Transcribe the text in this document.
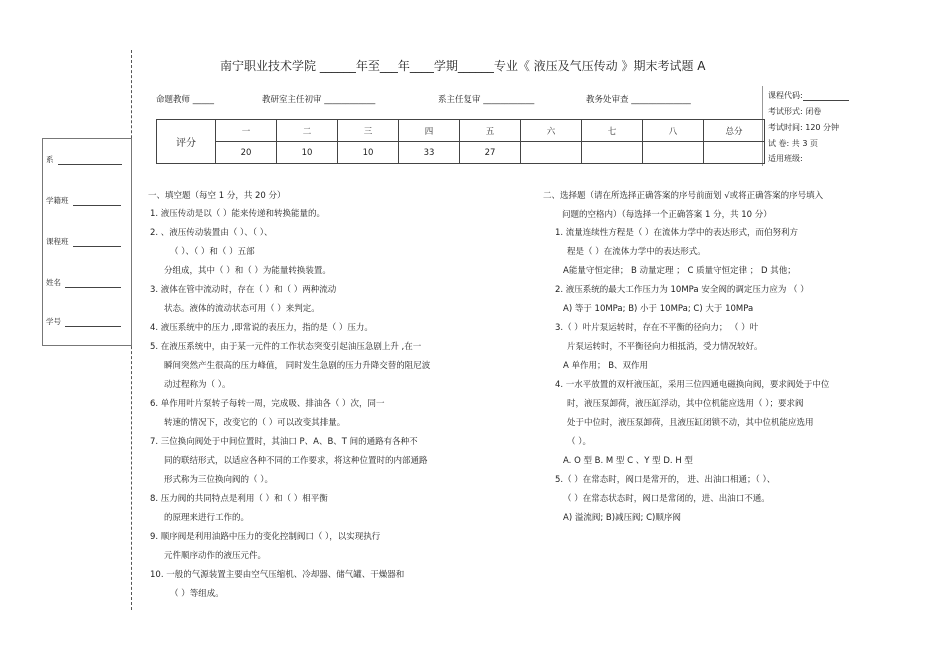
南宁职业技术学院 ______年至___年____学期______专业《 液压及气压传动 》期末考试题 A
命题教师 _____	教研室主任初审 ____________	系主任复审 ____________	教务处审查 ______________	课程代码:
考试形式: 闭卷
考试时间: 120 分钟
试 卷: 共 3 页
适用班级:
系
学籍班
课程班
姓名
学号
评分	一	二	三	四	五	六	七	八	总分
	20	10	10	33	27				
一、填空题（每空 1 分，共 20 分）
1. 液压传动是以（ ）能来传递和转换能量的。
2. 、液压传动装置由（ ）、（ ）、
（ ）、（ ）和（ ）五部
分组成，其中（ ）和（ ）为能量转换装置。
3. 液体在管中流动时，存在（ ）和（ ）两种流动
状态。液体的流动状态可用（ ）来判定。
4. 液压系统中的压力 ,即常说的表压力，指的是（ ）压力。
5. 在液压系统中，由于某一元件的工作状态突变引起油压急剧上升 ,在一
瞬间突然产生很高的压力峰值， 同时发生急剧的压力升降交替的阻尼波
动过程称为（ ）。
6. 单作用叶片泵转子每转一周，完成吸、排油各（ ）次，同一
转速的情况下，改变它的（ ）可以改变其排量。
7. 三位换向阀处于中间位置时，其油口 P、A、B、T 间的通路有各种不
同的联结形式，以适应各种不同的工作要求，将这种位置时的内部通路
形式称为三位换向阀的（ ）。
8. 压力阀的共同特点是利用（ ）和（ ）相平衡
的原理来进行工作的。
9. 顺序阀是利用油路中压力的变化控制阀口（ ），以实现执行
元件顺序动作的液压元件。
10. 一般的气源装置主要由空气压缩机、冷却器、储气罐、干燥器和
（ ）等组成。
二、选择题（请在所选择正确答案的序号前面划 √或将正确答案的序号填入
问题的空格内）（每选择一个正确答案 1 分，共 10 分）
1. 流量连续性方程是（ ）在流体力学中的表达形式，而伯努利方
程是（ ）在流体力学中的表达形式。
A能量守恒定律； B 动量定理 ； C 质量守恒定律 ； D 其他；
2. 液压系统的最大工作压力为 10MPa 安全阀的调定压力应为 （ ）
A) 等于 10MPa; B) 小于 10MPa; C) 大于 10MPa
3.（ ）叶片泵运转时，存在不平衡的径向力； （ ）叶
片泵运转时，不平衡径向力相抵消，受力情况较好。
A 单作用； B、双作用
4. 一水平放置的双杆液压缸，采用三位四通电磁换向阀，要求阀处于中位
时，液压泵卸荷，液压缸浮动，其中位机能应选用（ ）；要求阀
处于中位时，液压泵卸荷，且液压缸闭锁不动，其中位机能应选用
（ ）。
A. O 型 B. M 型 C 、Y 型 D. H 型
5.（ ）在常态时，阀口是常开的， 进、出油口相通；（ ）、
（ ）在常态状态时，阀口是常闭的，进、出油口不通。
A) 溢流阀; B)减压阀; C)顺序阀
